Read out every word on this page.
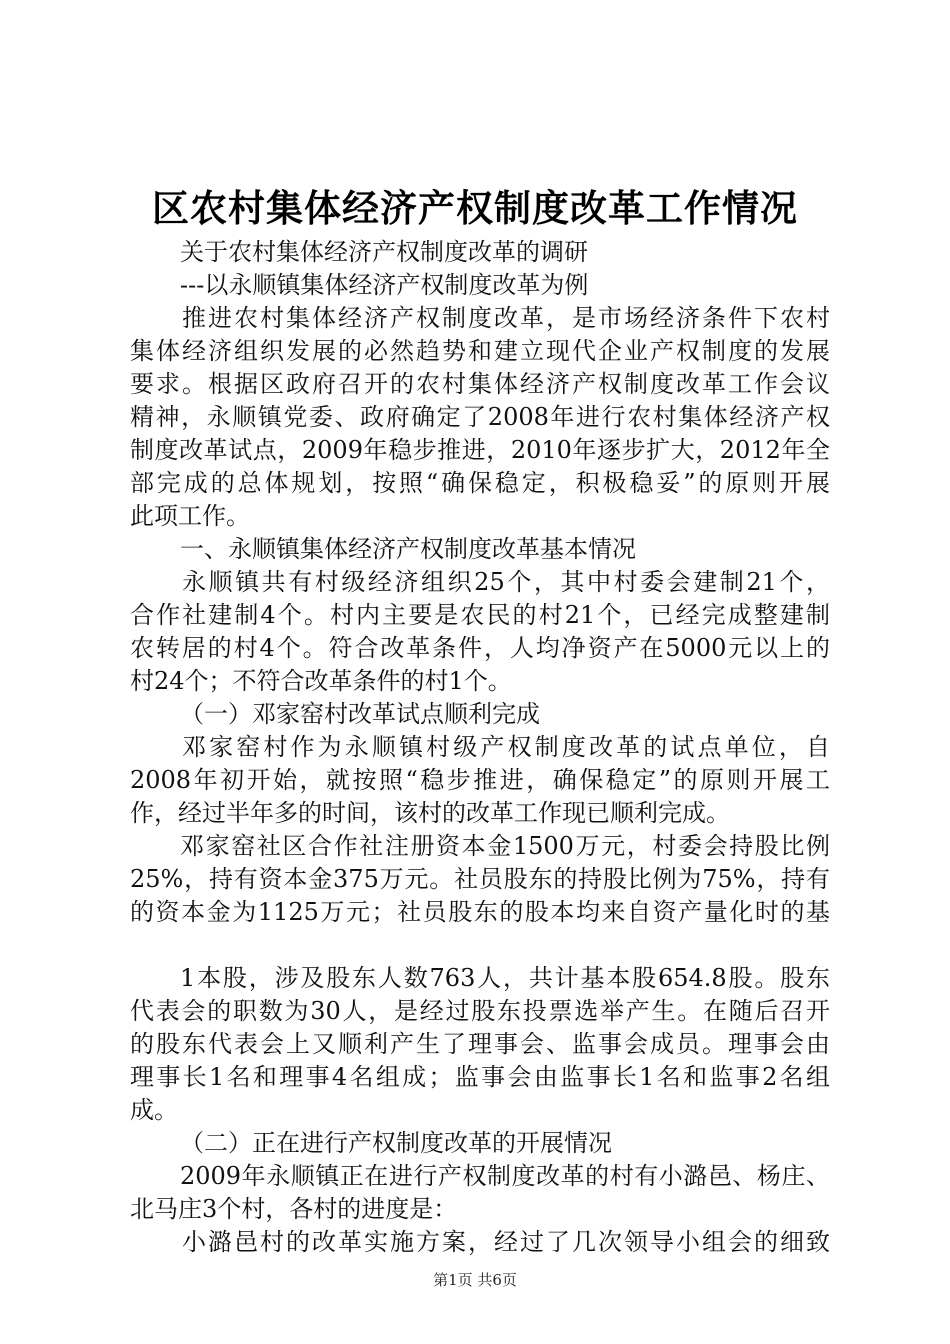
区农村集体经济产权制度改革工作情况
关于农村集体经济产权制度改革的调研
---以永顺镇集体经济产权制度改革为例
推进农村集体经济产权制度改革，是市场经济条件下农村
集体经济组织发展的必然趋势和建立现代企业产权制度的发展
要求。根据区政府召开的农村集体经济产权制度改革工作会议
精神，永顺镇党委、政府确定了2008年进行农村集体经济产权
制度改革试点，2009年稳步推进，2010年逐步扩大，2012年全
部完成的总体规划，按照“确保稳定，积极稳妥”的原则开展
此项工作。
一、永顺镇集体经济产权制度改革基本情况
永顺镇共有村级经济组织25个，其中村委会建制21个，
合作社建制4个。村内主要是农民的村21个，已经完成整建制
农转居的村4个。符合改革条件，人均净资产在5000元以上的
村24个；不符合改革条件的村1个。
（一）邓家窑村改革试点顺利完成
邓家窑村作为永顺镇村级产权制度改革的试点单位，自
2008年初开始，就按照“稳步推进，确保稳定”的原则开展工
作，经过半年多的时间，该村的改革工作现已顺利完成。
邓家窑社区合作社注册资本金1500万元，村委会持股比例
25%，持有资本金375万元。社员股东的持股比例为75%，持有
的资本金为1125万元；社员股东的股本均来自资产量化时的基
1本股，涉及股东人数763人，共计基本股654.8股。股东
代表会的职数为30人，是经过股东投票选举产生。在随后召开
的股东代表会上又顺利产生了理事会、监事会成员。理事会由
理事长1名和理事4名组成；监事会由监事长1名和监事2名组
成。
（二）正在进行产权制度改革的开展情况
2009年永顺镇正在进行产权制度改革的村有小潞邑、杨庄、
北马庄3个村，各村的进度是：
小潞邑村的改革实施方案，经过了几次领导小组会的细致
第1页 共6页
